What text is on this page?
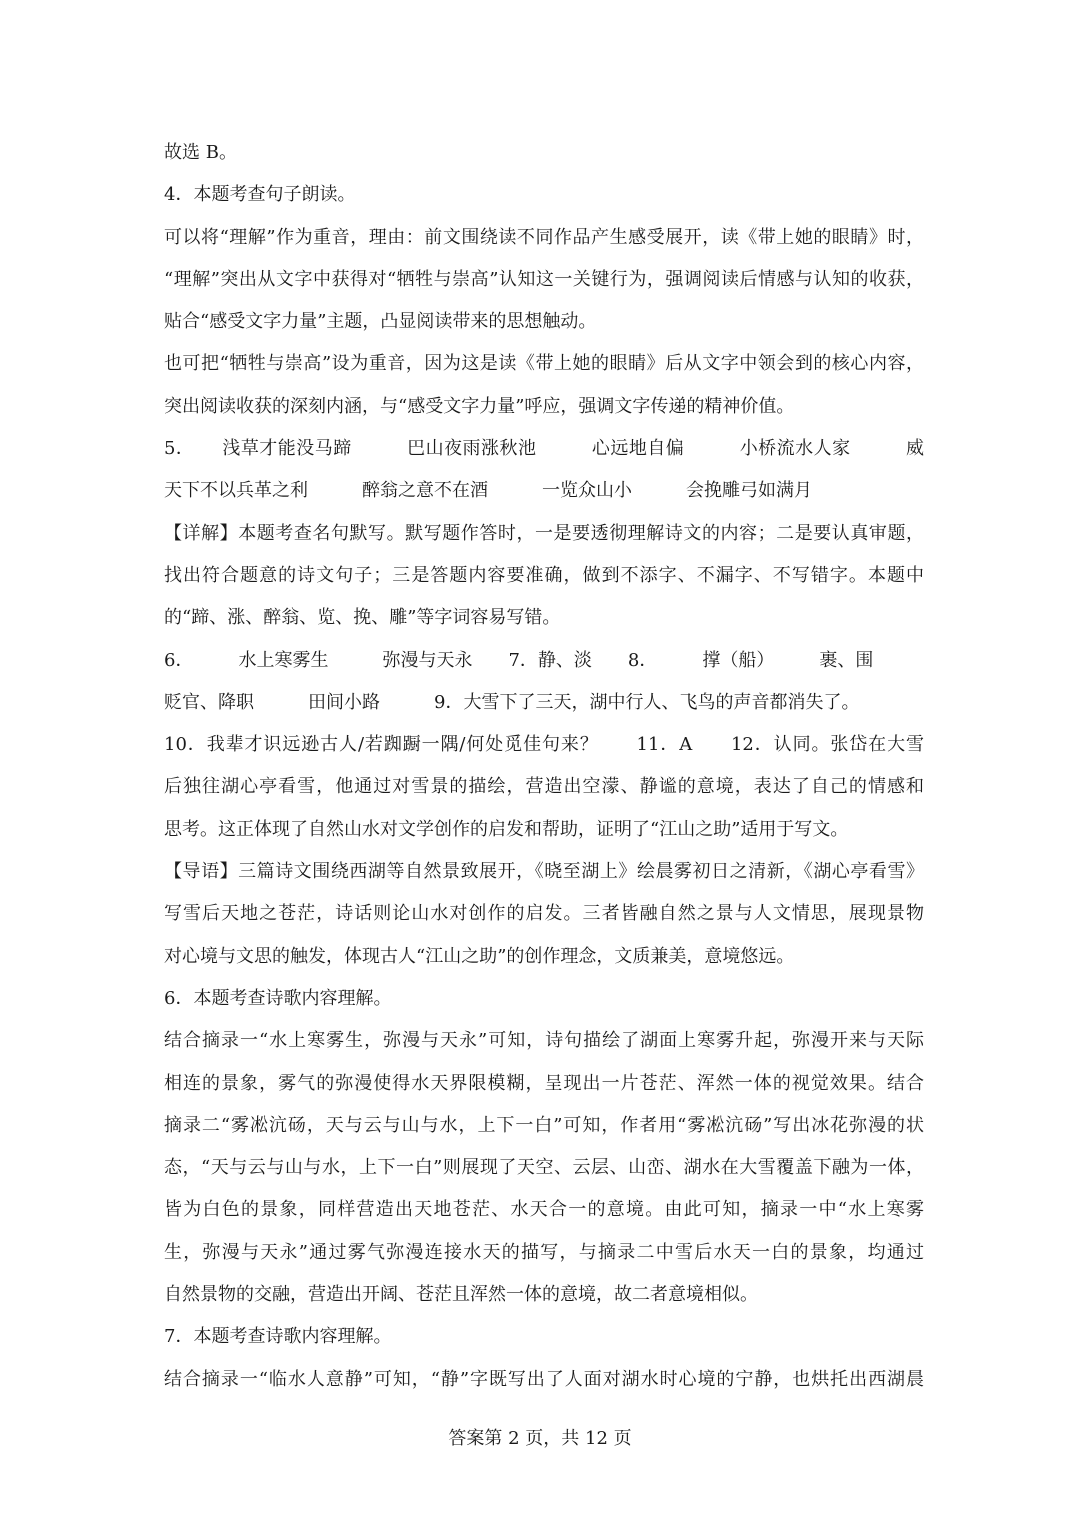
故选 B。
4．本题考查句子朗读。
可以将“理解”作为重音，理由：前文围绕读不同作品产生感受展开，读《带上她的眼睛》时，
“理解”突出从文字中获得对“牺牲与崇高”认知这一关键行为，强调阅读后情感与认知的收获，
贴合“感受文字力量”主题，凸显阅读带来的思想触动。
也可把“牺牲与崇高”设为重音，因为这是读《带上她的眼睛》后从文字中领会到的核心内容，
突出阅读收获的深刻内涵，与“感受文字力量”呼应，强调文字传递的精神价值。
5．　　浅草才能没马蹄　　　巴山夜雨涨秋池　　　心远地自偏　　　小桥流水人家　　　威
天下不以兵革之利　　　醉翁之意不在酒　　　一览众山小　　　会挽雕弓如满月
【详解】本题考查名句默写。默写题作答时，一是要透彻理解诗文的内容；二是要认真审题，
找出符合题意的诗文句子；三是答题内容要准确，做到不添字、不漏字、不写错字。本题中
的“蹄、涨、醉翁、览、挽、雕”等字词容易写错。
6．　　　水上寒雾生　　　弥漫与天永　　7．静、淡　　8．　　　撑（船）　　　裹、围
贬官、降职　　　田间小路　　　9．大雪下了三天，湖中行人、飞鸟的声音都消失了。
10．我辈才识远逊古人/若踟蹰一隅/何处觅佳句来？　　11．A　　12．认同。张岱在大雪
后独往湖心亭看雪，他通过对雪景的描绘，营造出空濛、静谧的意境，表达了自己的情感和
思考。这正体现了自然山水对文学创作的启发和帮助，证明了“江山之助”适用于写文。
【导语】三篇诗文围绕西湖等自然景致展开，《晓至湖上》绘晨雾初日之清新，《湖心亭看雪》
写雪后天地之苍茫，诗话则论山水对创作的启发。三者皆融自然之景与人文情思，展现景物
对心境与文思的触发，体现古人“江山之助”的创作理念，文质兼美，意境悠远。
6．本题考查诗歌内容理解。
结合摘录一“水上寒雾生，弥漫与天永”可知，诗句描绘了湖面上寒雾升起，弥漫开来与天际
相连的景象，雾气的弥漫使得水天界限模糊，呈现出一片苍茫、浑然一体的视觉效果。结合
摘录二“雾凇沆砀，天与云与山与水，上下一白”可知，作者用“雾凇沆砀”写出冰花弥漫的状
态，“天与云与山与水，上下一白”则展现了天空、云层、山峦、湖水在大雪覆盖下融为一体，
皆为白色的景象，同样营造出天地苍茫、水天合一的意境。由此可知，摘录一中“水上寒雾
生，弥漫与天永”通过雾气弥漫连接水天的描写，与摘录二中雪后水天一白的景象，均通过
自然景物的交融，营造出开阔、苍茫且浑然一体的意境，故二者意境相似。
7．本题考查诗歌内容理解。
结合摘录一“临水人意静”可知，“静”字既写出了人面对湖水时心境的宁静，也烘托出西湖晨
答案第 2 页，共 12 页
